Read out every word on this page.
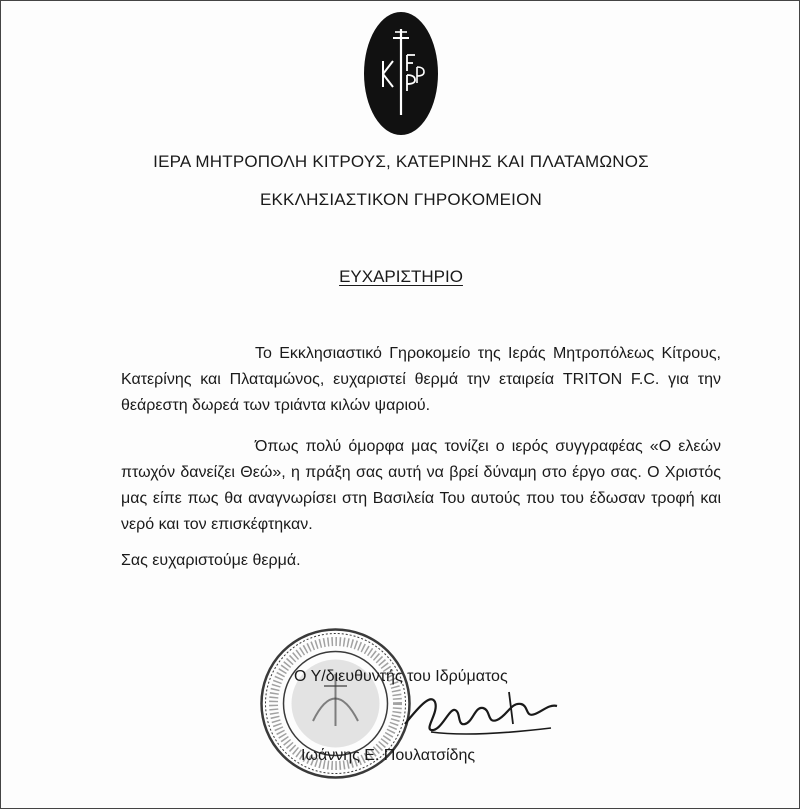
ΙΕΡΑ ΜΗΤΡΟΠΟΛΗ ΚΙΤΡΟΥΣ, ΚΑΤΕΡΙΝΗΣ ΚΑΙ ΠΛΑΤΑΜΩΝΟΣ
ΕΚΚΛΗΣΙΑΣΤΙΚΟΝ ΓΗΡΟΚΟΜΕΙΟΝ
ΕΥΧΑΡΙΣΤΗΡΙΟ

Το Εκκλησιαστικό Γηροκομείο της Ιεράς Μητροπόλεως Κίτρους, Κατερίνης και Πλαταμώνος, ευχαριστεί θερμά την εταιρεία TRITON F.C. για την θεάρεστη δωρεά των τριάντα κιλών ψαριού.

Όπως πολύ όμορφα μας τονίζει ο ιερός συγγραφέας «Ο ελεών πτωχόν δανείζει Θεώ», η πράξη σας αυτή να βρεί δύναμη στο έργο σας. Ο Χριστός μας είπε πως θα αναγνωρίσει στη Βασιλεία Του αυτούς που του έδωσαν τροφή και νερό και τον επισκέφτηκαν.

Σας ευχαριστούμε θερμά.
Ο Υ/διευθυντής του Ιδρύματος
Ιωάννης Ε. Πουλατσίδης
